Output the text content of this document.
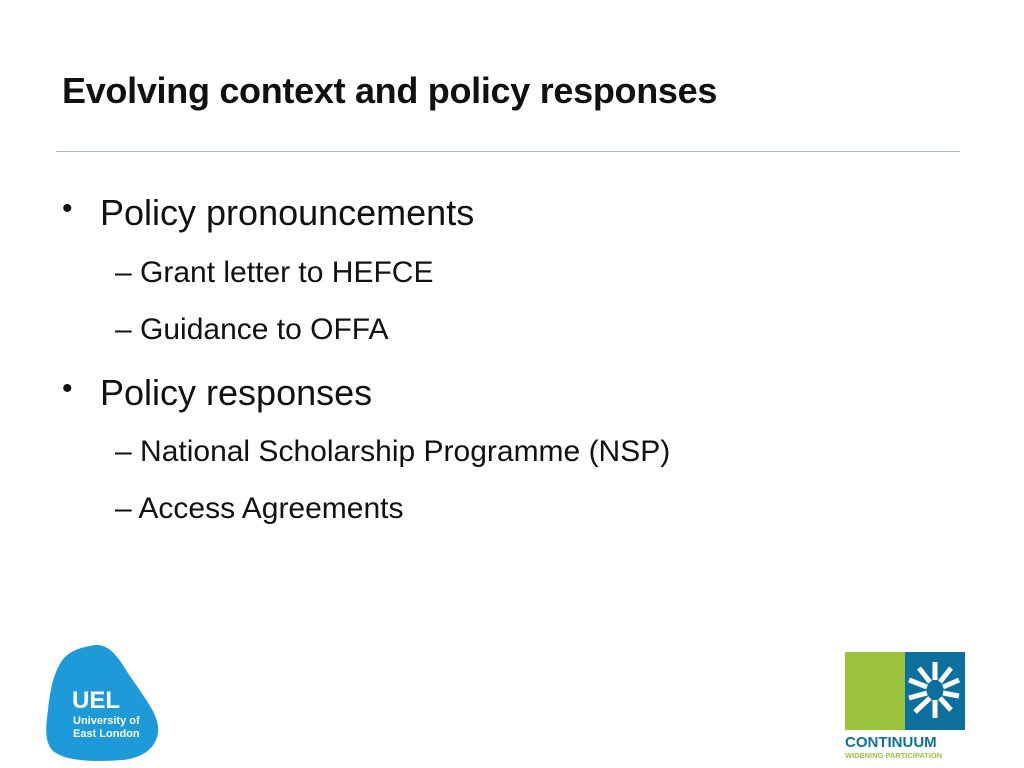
Evolving context and policy responses
• Policy pronouncements
– Grant letter to HEFCE
– Guidance to OFFA
• Policy responses
– National Scholarship Programme (NSP)
– Access Agreements
UEL
University of
East London	CONTINUUM
WIDENING PARTICIPATION
